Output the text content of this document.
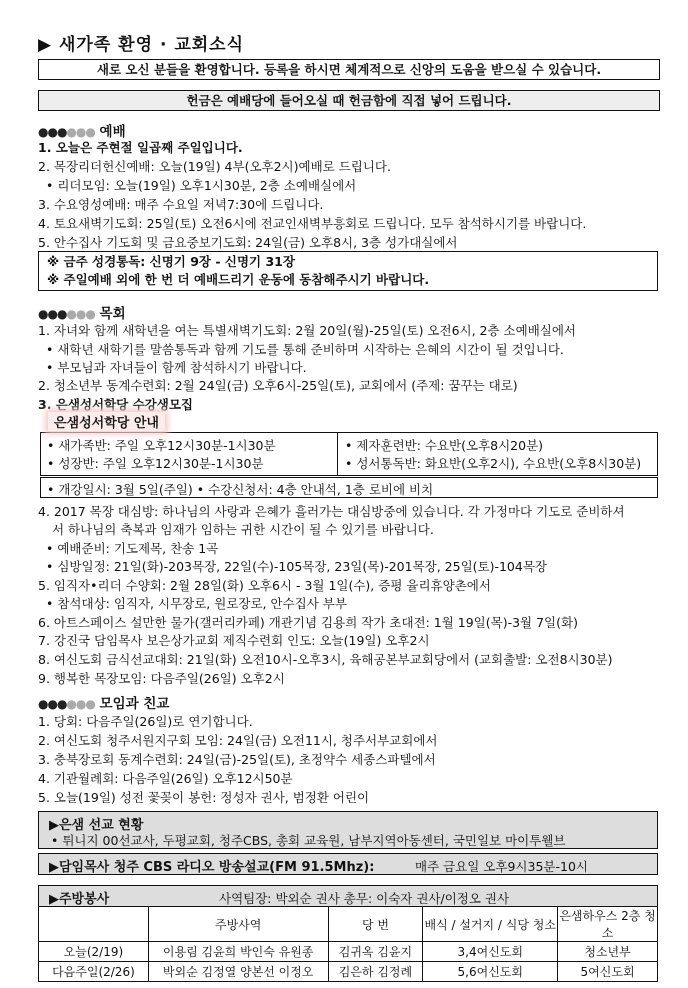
▶ 새가족 환영 · 교회소식
새로 오신 분들을 환영합니다. 등록을 하시면 체계적으로 신앙의 도움을 받으실 수 있습니다.
헌금은 예배당에 들어오실 때 헌금함에 직접 넣어 드립니다.
●●●●●● 예배
1. 오늘은 주현절 일곱째 주일입니다.
2. 목장리더헌신예배: 오늘(19일) 4부(오후2시)예배로 드립니다.
• 리더모임: 오늘(19일) 오후1시30분, 2층 소예배실에서
3. 수요영성예배: 매주 수요일 저녁7:30에 드립니다.
4. 토요새벽기도회: 25일(토) 오전6시에 전교인새벽부흥회로 드립니다. 모두 참석하시기를 바랍니다.
5. 안수집사 기도회 및 금요중보기도회: 24일(금) 오후8시, 3층 성가대실에서
※ 금주 성경통독: 신명기 9장 - 신명기 31장
※ 주일예배 외에 한 번 더 예배드리기 운동에 동참해주시기 바랍니다.
●●●●●● 목회
1. 자녀와 함께 새학년을 여는 특별새벽기도회: 2월 20일(월)-25일(토) 오전6시, 2층 소예배실에서
• 새학년 새학기를 말씀통독과 함께 기도를 통해 준비하며 시작하는 은혜의 시간이 될 것입니다.
• 부모님과 자녀들이 함께 참석하시기 바랍니다.
2. 청소년부 동계수련회: 2월 24일(금) 오후6시-25일(토), 교회에서 (주제: 꿈꾸는 대로)
3. 은샘성서학당 수강생모집
• 새가족반: 주일 오후12시30분-1시30분
• 성장반: 주일 오후12시30분-1시30분
• 제자훈련반: 수요반(오후8시20분)
• 성서통독반: 화요반(오후2시), 수요반(오후8시30분)
은샘성서학당 안내
• 개강일시: 3월 5일(주일) • 수강신청서: 4층 안내석, 1층 로비에 비치
4. 2017 목장 대심방: 하나님의 사랑과 은혜가 흘러가는 대심방중에 있습니다. 각 가정마다 기도로 준비하셔
서 하나님의 축복과 임재가 임하는 귀한 시간이 될 수 있기를 바랍니다.
• 예배준비: 기도제목, 찬송 1곡
• 심방일정: 21일(화)-203목장, 22일(수)-105목장, 23일(목)-201목장, 25일(토)-104목장
5. 임직자•리더 수양회: 2월 28일(화) 오후6시 - 3월 1일(수), 증평 율리휴양촌에서
• 참석대상: 임직자, 시무장로, 원로장로, 안수집사 부부
6. 아트스페이스 설만한 물가(갤러리카페) 개관기념 김용희 작가 초대전: 1월 19일(목)-3월 7일(화)
7. 강진국 담임목사 보은상가교회 제직수련회 인도: 오늘(19일) 오후2시
8. 여신도회 금식선교대회: 21일(화) 오전10시-오후3시, 육해공본부교회당에서 (교회출발: 오전8시30분)
9. 행복한 목장모임: 다음주일(26일) 오후2시
●●●●●● 모임과 친교
1. 당회: 다음주일(26일)로 연기합니다.
2. 여신도회 청주서원지구회 모임: 24일(금) 오전11시, 청주서부교회에서
3. 충북장로회 동계수련회: 24일(금)-25일(토), 초정약수 세종스파텔에서
4. 기관월례회: 다음주일(26일) 오후12시50분
5. 오늘(19일) 성전 꽃꽂이 봉헌: 정성자 권사, 범정환 어린이
▶은샘 선교 현황
• 튀니지 00선교사, 두평교회, 청주CBS, 총회 교육원, 남부지역아동센터, 국민일보 마이투웰브
▶담임목사 청주 CBS 라디오 방송설교(FM 91.5Mhz):	매주 금요일 오후9시35분-10시
▶주방봉사	사역팀장: 박외순 권사 총무: 이숙자 권사/이정오 권사
	주방사역	당 번	배식 / 설거지 / 식당 청소	은샘하우스 2층 청소
오늘(2/19)	이용림 김윤희 박인숙 유원종	김귀옥 김윤지	3,4여신도회	청소년부
다음주일(2/26)	박외순 김정열 양본선 이정오	김은하 김정례	5,6여신도회	5여신도회
